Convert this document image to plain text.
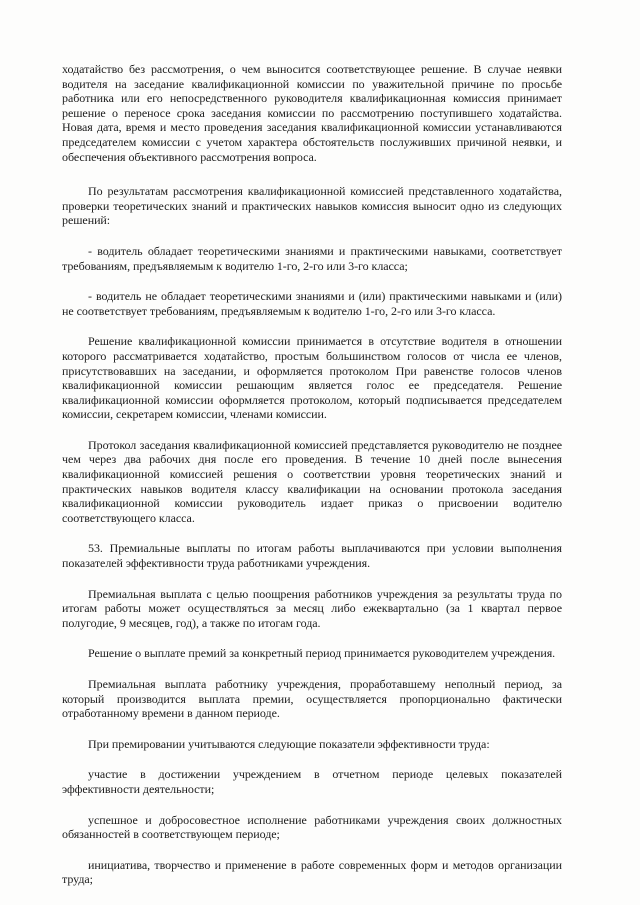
ходатайство без рассмотрения, о чем выносится соответствующее решение. В случае неявки водителя на заседание квалификационной комиссии по уважительной причине по просьбе работника или его непосредственного руководителя квалификационная комиссия принимает решение о переносе срока заседания комиссии по рассмотрению поступившего ходатайства. Новая дата, время и место проведения заседания квалификационной комиссии устанавливаются председателем комиссии с учетом характера обстоятельств послуживших причиной неявки, и обеспечения объективного рассмотрения вопроса.

По результатам рассмотрения квалификационной комиссией представленного ходатайства, проверки теоретических знаний и практических навыков комиссия выносит одно из следующих решений:

- водитель обладает теоретическими знаниями и практическими навыками, соответствует требованиям, предъявляемым к водителю 1-го, 2-го или 3-го класса;

- водитель не обладает теоретическими знаниями и (или) практическими навыками и (или) не соответствует требованиям, предъявляемым к водителю 1-го, 2-го или 3-го класса.

Решение квалификационной комиссии принимается в отсутствие водителя в отношении которого рассматривается ходатайство, простым большинством голосов от числа ее членов, присутствовавших на заседании, и оформляется протоколом При равенстве голосов членов квалификационной комиссии решающим является голос ее председателя. Решение квалификационной комиссии оформляется протоколом, который подписывается председателем комиссии, секретарем комиссии, членами комиссии.

Протокол заседания квалификационной комиссией представляется руководителю не позднее чем через два рабочих дня после его проведения. В течение 10 дней после вынесения квалификационной комиссией решения о соответствии уровня теоретических знаний и практических навыков водителя классу квалификации на основании протокола заседания квалификационной комиссии руководитель издает приказ о присвоении водителю соответствующего класса.

53. Премиальные выплаты по итогам работы выплачиваются при условии выполнения показателей эффективности труда работниками учреждения.

Премиальная выплата с целью поощрения работников учреждения за результаты труда по итогам работы может осуществляться за месяц либо ежеквартально (за 1 квартал первое полугодие, 9 месяцев, год), а также по итогам года.

Решение о выплате премий за конкретный период принимается руководителем учреждения.

Премиальная выплата работнику учреждения, проработавшему неполный период, за который производится выплата премии, осуществляется пропорционально фактически отработанному времени в данном периоде.

При премировании учитываются следующие показатели эффективности труда:

участие в достижении учреждением в отчетном периоде целевых показателей эффективности деятельности;

успешное и добросовестное исполнение работниками учреждения своих должностных обязанностей в соответствующем периоде;

инициатива, творчество и применение в работе современных форм и методов организации труда;
